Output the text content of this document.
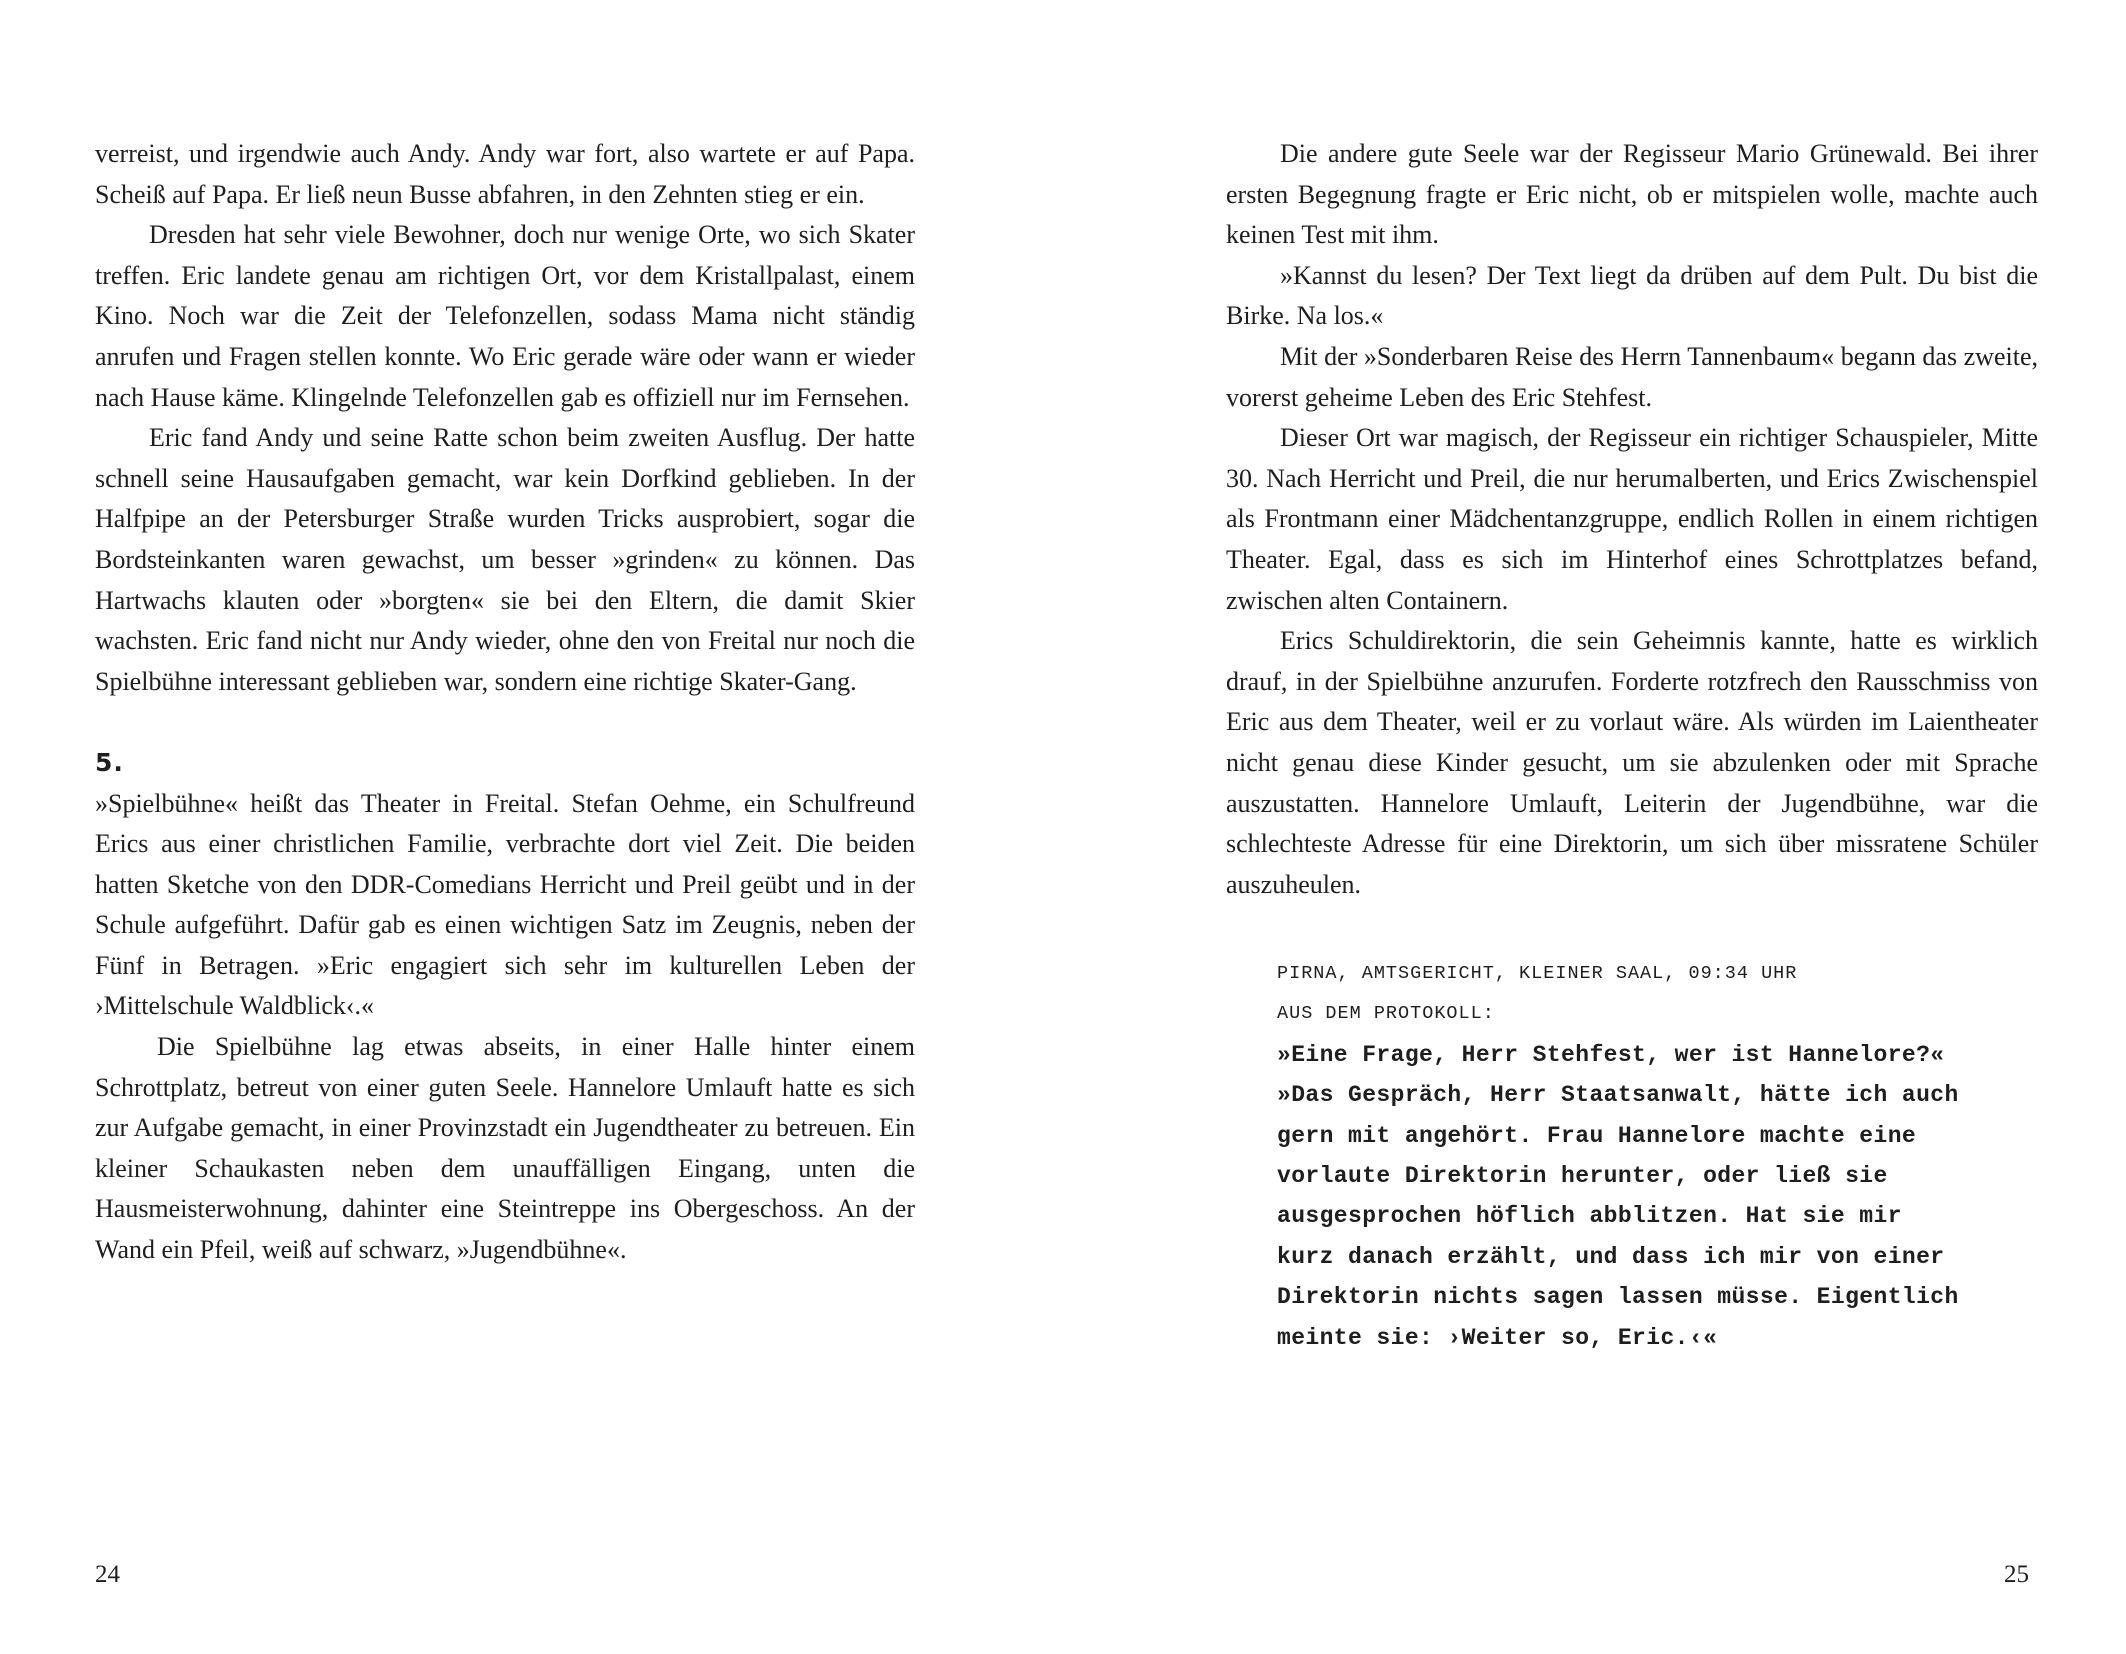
verreist, und irgendwie auch Andy. Andy war fort, also wartete er auf Papa. Scheiß auf Papa. Er ließ neun Busse abfahren, in den Zehnten stieg er ein.

Dresden hat sehr viele Bewohner, doch nur wenige Orte, wo sich Skater treffen. Eric landete genau am richtigen Ort, vor dem Kristallpalast, einem Kino. Noch war die Zeit der Telefonzellen, sodass Mama nicht ständig anrufen und Fragen stellen konnte. Wo Eric gerade wäre oder wann er wieder nach Hause käme. Klingelnde Telefonzellen gab es offiziell nur im Fernsehen.

Eric fand Andy und seine Ratte schon beim zweiten Ausflug. Der hatte schnell seine Hausaufgaben gemacht, war kein Dorfkind geblieben. In der Halfpipe an der Petersburger Straße wurden Tricks ausprobiert, sogar die Bordsteinkanten waren gewachst, um besser »grinden« zu können. Das Hartwachs klauten oder »borgten« sie bei den Eltern, die damit Skier wachsten. Eric fand nicht nur Andy wieder, ohne den von Freital nur noch die Spielbühne interessant geblieben war, sondern eine richtige Skater-Gang.

5.

»Spielbühne« heißt das Theater in Freital. Stefan Oehme, ein Schulfreund Erics aus einer christlichen Familie, verbrachte dort viel Zeit. Die beiden hatten Sketche von den DDR-Comedians Herricht und Preil geübt und in der Schule aufgeführt. Dafür gab es einen wichtigen Satz im Zeugnis, neben der Fünf in Betragen. »Eric engagiert sich sehr im kulturellen Leben der ›Mittelschule Waldblick‹.«

Die Spielbühne lag etwas abseits, in einer Halle hinter einem Schrottplatz, betreut von einer guten Seele. Hannelore Umlauft hatte es sich zur Aufgabe gemacht, in einer Provinzstadt ein Jugendtheater zu betreuen. Ein kleiner Schaukasten neben dem unauffälligen Eingang, unten die Hausmeisterwohnung, dahinter eine Steintreppe ins Obergeschoss. An der Wand ein Pfeil, weiß auf schwarz, »Jugendbühne«.

24

Die andere gute Seele war der Regisseur Mario Grünewald. Bei ihrer ersten Begegnung fragte er Eric nicht, ob er mitspielen wolle, machte auch keinen Test mit ihm.

»Kannst du lesen? Der Text liegt da drüben auf dem Pult. Du bist die Birke. Na los.«

Mit der »Sonderbaren Reise des Herrn Tannenbaum« begann das zweite, vorerst geheime Leben des Eric Stehfest.

Dieser Ort war magisch, der Regisseur ein richtiger Schauspieler, Mitte 30. Nach Herricht und Preil, die nur herumalberten, und Erics Zwischenspiel als Frontmann einer Mädchentanzgruppe, endlich Rollen in einem richtigen Theater. Egal, dass es sich im Hinterhof eines Schrottplatzes befand, zwischen alten Containern.

Erics Schuldirektorin, die sein Geheimnis kannte, hatte es wirklich drauf, in der Spielbühne anzurufen. Forderte rotzfrech den Rausschmiss von Eric aus dem Theater, weil er zu vorlaut wäre. Als würden im Laientheater nicht genau diese Kinder gesucht, um sie abzulenken oder mit Sprache auszustatten. Hannelore Umlauft, Leiterin der Jugendbühne, war die schlechteste Adresse für eine Direktorin, um sich über missratene Schüler auszuheulen.

25
PIRNA, AMTSGERICHT, KLEINER SAAL, 09:34 UHR
AUS DEM PROTOKOLL:
»Eine Frage, Herr Stehfest, wer ist Hannelore?«
»Das Gespräch, Herr Staatsanwalt, hätte ich auch
gern mit angehört. Frau Hannelore machte eine
vorlaute Direktorin herunter, oder ließ sie
ausgesprochen höflich abblitzen. Hat sie mir
kurz danach erzählt, und dass ich mir von einer
Direktorin nichts sagen lassen müsse. Eigentlich
meinte sie: ›Weiter so, Eric.‹«
